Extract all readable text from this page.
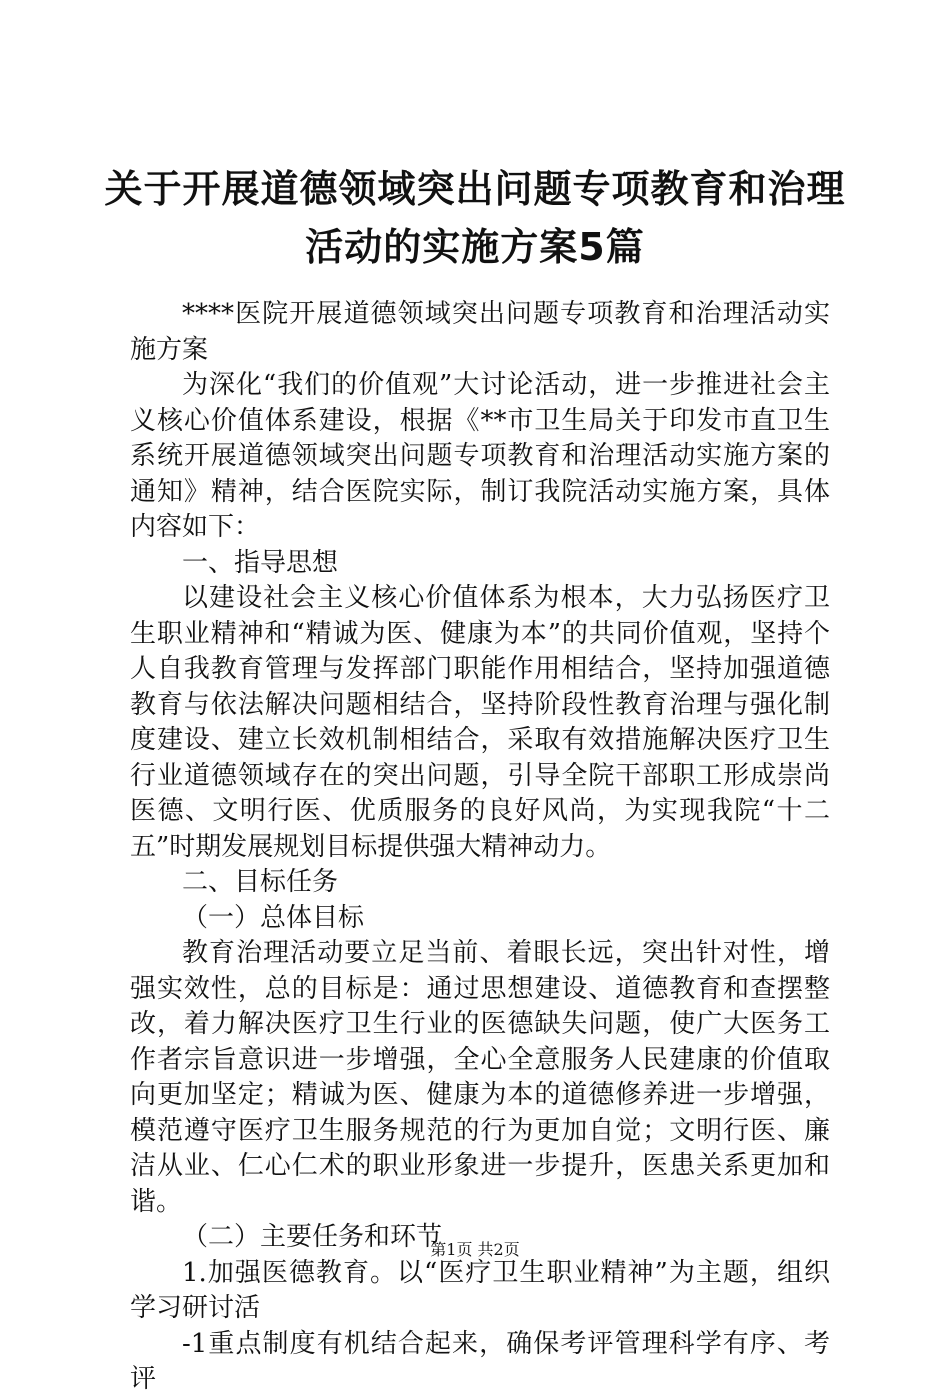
关于开展道德领域突出问题专项教育和治理活动的实施方案5篇

****医院开展道德领域突出问题专项教育和治理活动实施方案

为深化“我们的价值观”大讨论活动，进一步推进社会主义核心价值体系建设，根据《**市卫生局关于印发市直卫生系统开展道德领域突出问题专项教育和治理活动实施方案的通知》精神，结合医院实际，制订我院活动实施方案，具体内容如下：

一、指导思想

以建设社会主义核心价值体系为根本，大力弘扬医疗卫生职业精神和“精诚为医、健康为本”的共同价值观，坚持个人自我教育管理与发挥部门职能作用相结合，坚持加强道德教育与依法解决问题相结合，坚持阶段性教育治理与强化制度建设、建立长效机制相结合，采取有效措施解决医疗卫生行业道德领域存在的突出问题，引导全院干部职工形成崇尚医德、文明行医、优质服务的良好风尚，为实现我院“十二五”时期发展规划目标提供强大精神动力。

二、目标任务

（一）总体目标

教育治理活动要立足当前、着眼长远，突出针对性，增强实效性，总的目标是：通过思想建设、道德教育和查摆整改，着力解决医疗卫生行业的医德缺失问题，使广大医务工作者宗旨意识进一步增强，全心全意服务人民建康的价值取向更加坚定；精诚为医、健康为本的道德修养进一步增强，模范遵守医疗卫生服务规范的行为更加自觉；文明行医、廉洁从业、仁心仁术的职业形象进一步提升，医患关系更加和谐。

（二）主要任务和环节

1.加强医德教育。以“医疗卫生职业精神”为主题，组织学习研讨活

-1重点制度有机结合起来，确保考评管理科学有序、考评

第1页 共2页
